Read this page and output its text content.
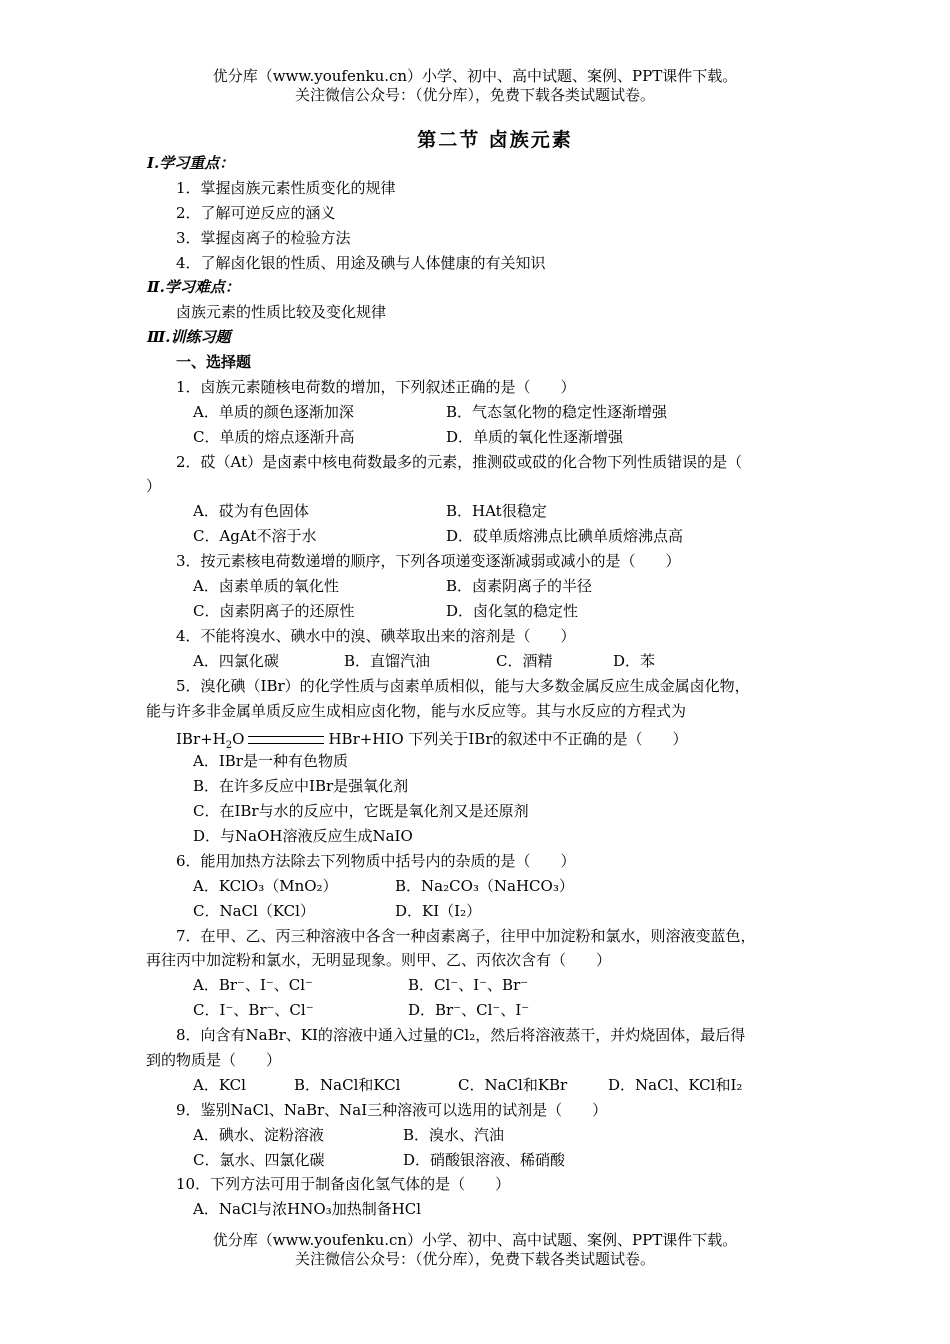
优分库（www.youfenku.cn）小学、初中、高中试题、案例、PPT课件下载。
关注微信公众号：（优分库），免费下载各类试题试卷。
第二节 卤族元素
Ⅰ.学习重点：
1．掌握卤族元素性质变化的规律
2．了解可逆反应的涵义
3．掌握卤离子的检验方法
4．了解卤化银的性质、用途及碘与人体健康的有关知识
Ⅱ.学习难点：
卤族元素的性质比较及变化规律
Ⅲ.训练习题
一、选择题
1．卤族元素随核电荷数的增加，下列叙述正确的是（　　）
A．单质的颜色逐渐加深	B．气态氢化物的稳定性逐渐增强
C．单质的熔点逐渐升高	D．单质的氧化性逐渐增强
2．砹（At）是卤素中核电荷数最多的元素，推测砹或砹的化合物下列性质错误的是（
）
A．砹为有色固体	B．HAt很稳定
C．AgAt不溶于水	D．砹单质熔沸点比碘单质熔沸点高
3．按元素核电荷数递增的顺序，下列各项递变逐渐减弱或减小的是（　　）
A．卤素单质的氧化性	B．卤素阴离子的半径
C．卤素阴离子的还原性	D．卤化氢的稳定性
4．不能将溴水、碘水中的溴、碘萃取出来的溶剂是（　　）
A．四氯化碳	B．直馏汽油	C．酒精	D．苯
5．溴化碘（IBr）的化学性质与卤素单质相似，能与大多数金属反应生成金属卤化物，
能与许多非金属单质反应生成相应卤化物，能与水反应等。其与水反应的方程式为
$IBr+H_2O$	HBr+HIO 下列关于IBr的叙述中不正确的是（　　）
A．IBr是一种有色物质
B．在许多反应中IBr是强氧化剂
C．在IBr与水的反应中，它既是氧化剂又是还原剂
D．与NaOH溶液反应生成NaIO
6．能用加热方法除去下列物质中括号内的杂质的是（　　）
A．KClO₃（MnO₂）	B．Na₂CO₃（NaHCO₃）
C．NaCl（KCl）	D．KI（I₂）
7．在甲、乙、丙三种溶液中各含一种卤素离子，往甲中加淀粉和氯水，则溶液变蓝色，
再往丙中加淀粉和氯水，无明显现象。则甲、乙、丙依次含有（　　）
A．Br⁻、I⁻、Cl⁻	B．Cl⁻、I⁻、Br⁻
C．I⁻、Br⁻、Cl⁻	D．Br⁻、Cl⁻、I⁻
8．向含有NaBr、KI的溶液中通入过量的Cl₂，然后将溶液蒸干，并灼烧固体，最后得
到的物质是（　　）
A．KCl	B．NaCl和KCl	C．NaCl和KBr	D．NaCl、KCl和I₂
9．鉴别NaCl、NaBr、NaI三种溶液可以选用的试剂是（　　）
A．碘水、淀粉溶液	B．溴水、汽油
C．氯水、四氯化碳	D．硝酸银溶液、稀硝酸
10．下列方法可用于制备卤化氢气体的是（　　）
A．NaCl与浓HNO₃加热制备HCl
优分库（www.youfenku.cn）小学、初中、高中试题、案例、PPT课件下载。
关注微信公众号：（优分库），免费下载各类试题试卷。
